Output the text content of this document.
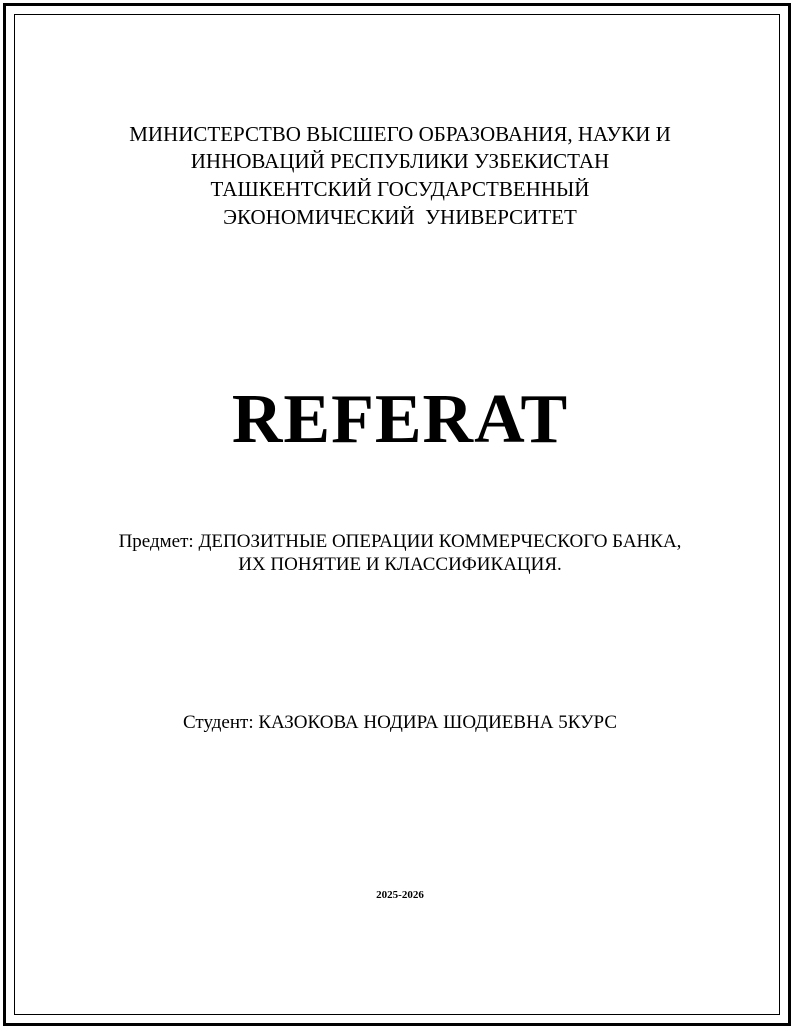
МИНИСТЕРСТВО ВЫСШЕГО ОБРАЗОВАНИЯ, НАУКИ И
ИННОВАЦИЙ РЕСПУБЛИКИ УЗБЕКИСТАН
ТАШКЕНТСКИЙ ГОСУДАРСТВЕННЫЙ
ЭКОНОМИЧЕСКИЙ  УНИВЕРСИТЕТ
REFERAT
Предмет: ДЕПОЗИТНЫЕ ОПЕРАЦИИ КОММЕРЧЕСКОГО БАНКА,
ИХ ПОНЯТИЕ И КЛАССИФИКАЦИЯ.
Студент: КАЗОКОВА НОДИРА ШОДИЕВНА 5КУРС
2025-2026
